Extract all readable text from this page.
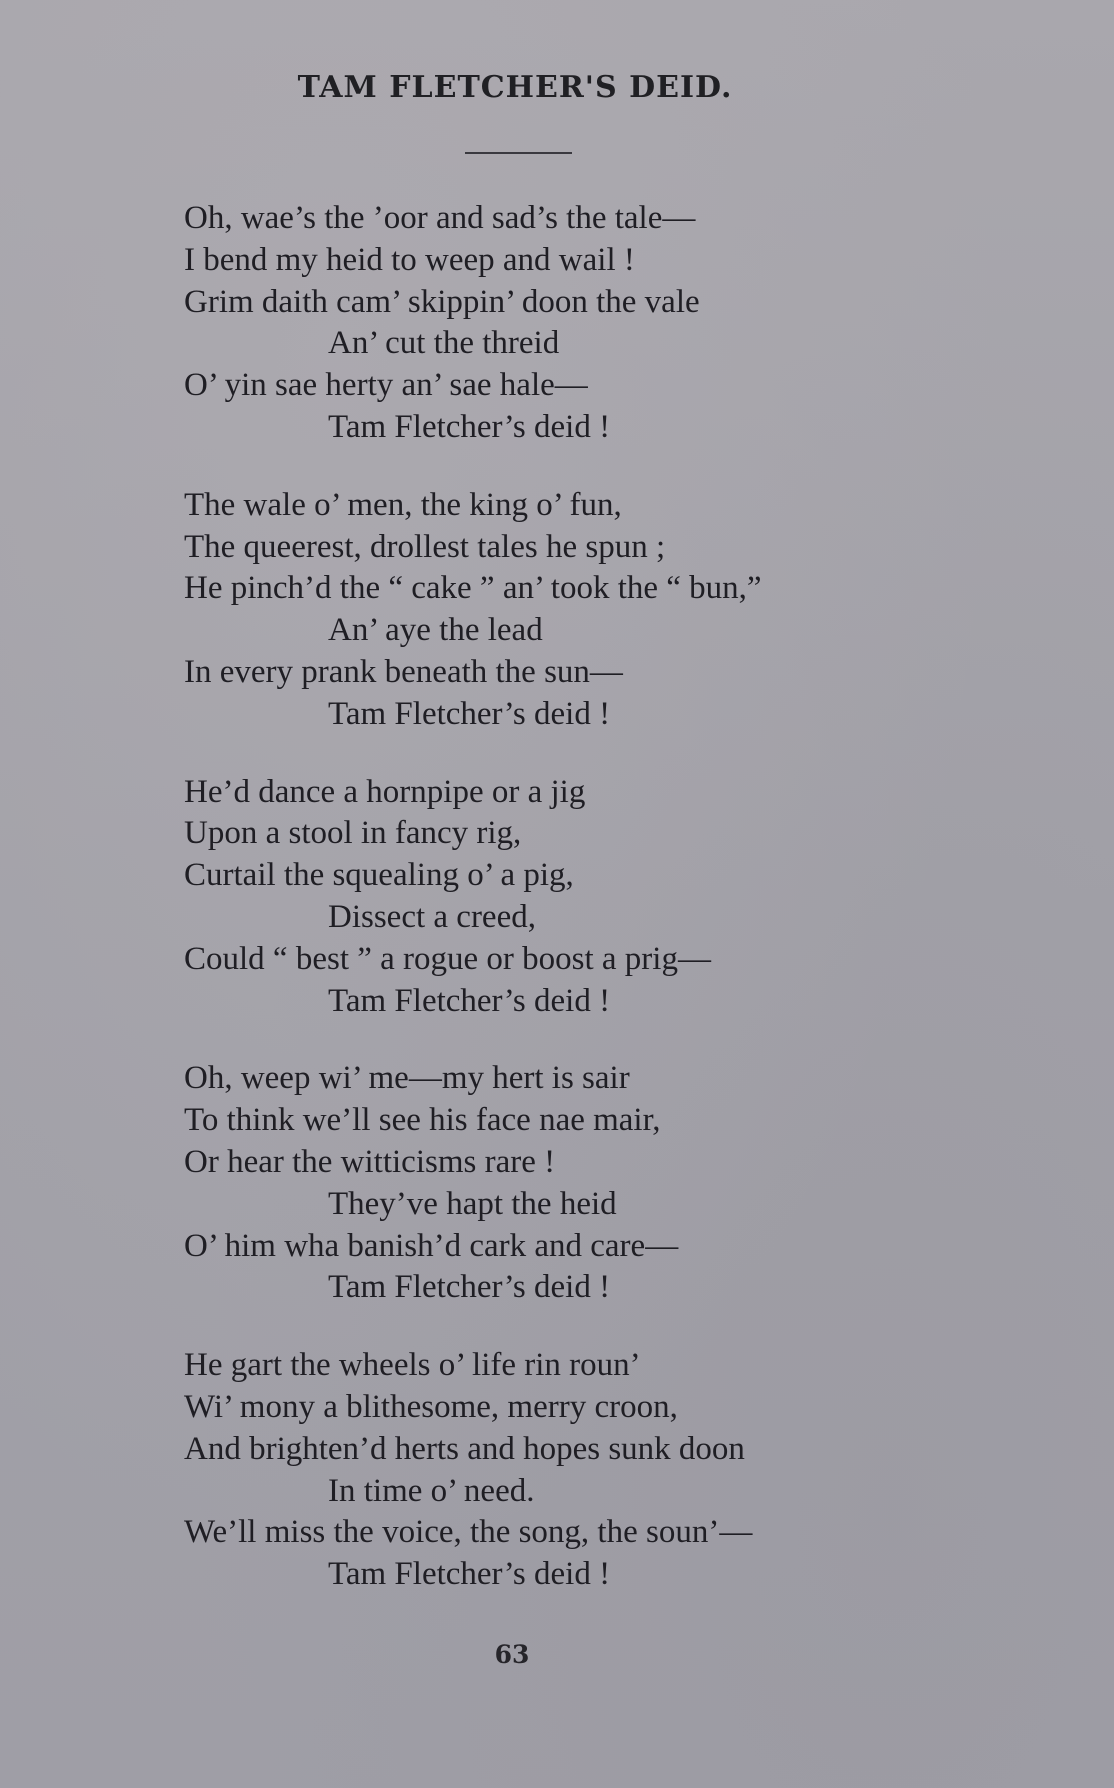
TAM FLETCHER'S DEID.
Oh, wae’s the ’oor and sad’s the tale—
I bend my heid to weep and wail !
Grim daith cam’ skippin’ doon the vale
An’ cut the threid
O’ yin sae herty an’ sae hale—
Tam Fletcher’s deid !
The wale o’ men, the king o’ fun,
The queerest, drollest tales he spun ;
He pinch’d the “ cake ” an’ took the “ bun,”
An’ aye the lead
In every prank beneath the sun—
Tam Fletcher’s deid !
He’d dance a hornpipe or a jig
Upon a stool in fancy rig,
Curtail the squealing o’ a pig,
Dissect a creed,
Could “ best ” a rogue or boost a prig—
Tam Fletcher’s deid !
Oh, weep wi’ me—my hert is sair
To think we’ll see his face nae mair,
Or hear the witticisms rare !
They’ve hapt the heid
O’ him wha banish’d cark and care—
Tam Fletcher’s deid !
He gart the wheels o’ life rin roun’
Wi’ mony a blithesome, merry croon,
And brighten’d herts and hopes sunk doon
In time o’ need.
We’ll miss the voice, the song, the soun’—
Tam Fletcher’s deid !
63
